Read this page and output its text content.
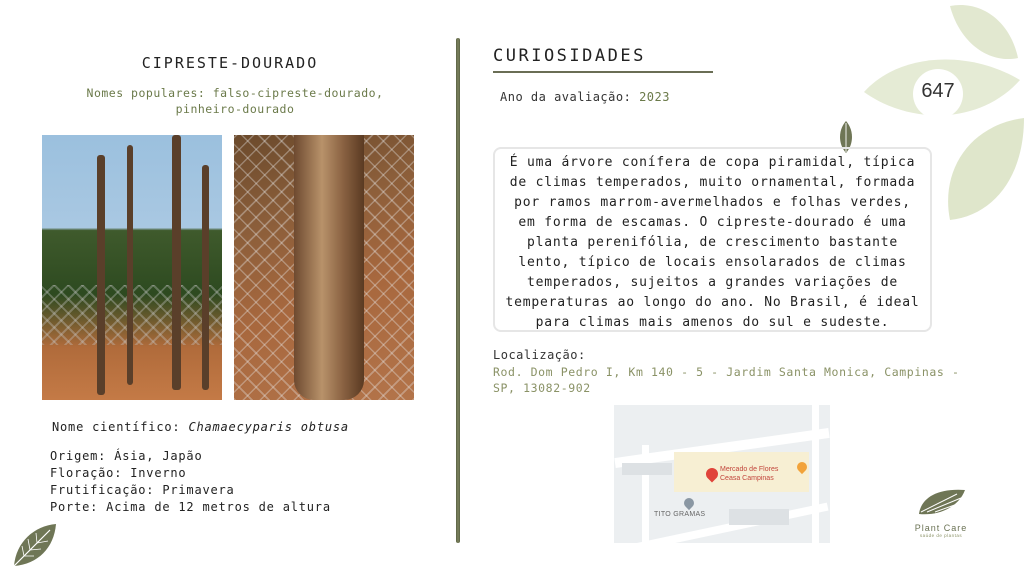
CIPRESTE-DOURADO
Nomes populares: falso-cipreste-dourado, pinheiro-dourado
Nome científico: Chamaecyparis obtusa
Origem: Ásia, Japão
Floração: Inverno
Frutificação: Primavera
Porte: Acima de 12 metros de altura
CURIOSIDADES
Ano da avaliação: 2023
É uma árvore conífera de copa piramidal, típica de climas temperados, muito ornamental, formada por ramos marrom-avermelhados e folhas verdes, em forma de escamas. O cipreste-dourado é uma planta perenifólia, de crescimento bastante lento, típico de locais ensolarados de climas temperados, sujeitos a grandes variações de temperaturas ao longo do ano. No Brasil, é ideal para climas mais amenos do sul e sudeste.
Localização:
Rod. Dom Pedro I, Km 140 - 5 - Jardim Santa Monica, Campinas - SP, 13082-902
Mercado de Flores
Ceasa Campinas
TITO GRAMAS
647
Plant Care
saúde de plantas
